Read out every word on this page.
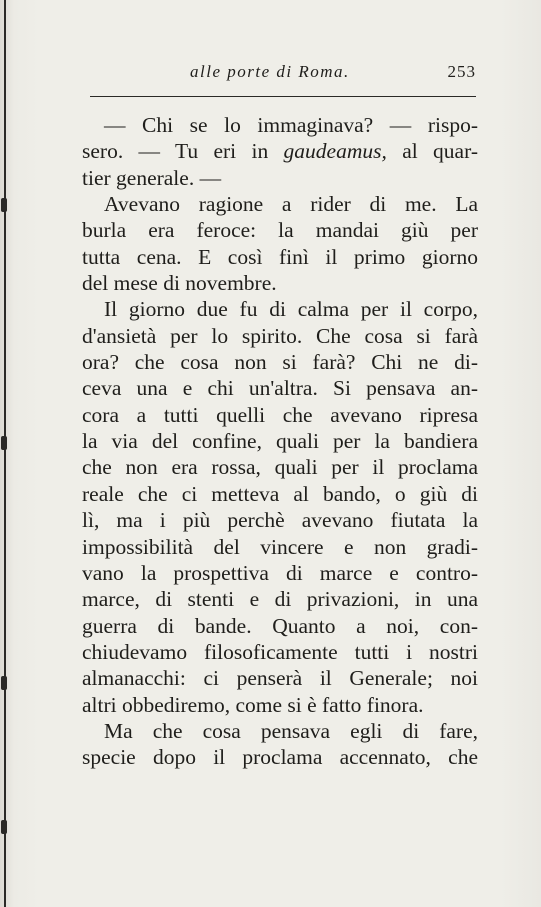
alle porte di Roma.	253
— Chi se lo immaginava? — rispo-
sero. — Tu eri in gaudeamus, al quar-
tier generale. —
Avevano ragione a rider di me. La
burla era feroce: la mandai giù per
tutta cena. E così finì il primo giorno
del mese di novembre.
Il giorno due fu di calma per il corpo,
d'ansietà per lo spirito. Che cosa si farà
ora? che cosa non si farà? Chi ne di-
ceva una e chi un'altra. Si pensava an-
cora a tutti quelli che avevano ripresa
la via del confine, quali per la bandiera
che non era rossa, quali per il proclama
reale che ci metteva al bando, o giù di
lì, ma i più perchè avevano fiutata la
impossibilità del vincere e non gradi-
vano la prospettiva di marce e contro-
marce, di stenti e di privazioni, in una
guerra di bande. Quanto a noi, con-
chiudevamo filosoficamente tutti i nostri
almanacchi: ci penserà il Generale; noi
altri obbediremo, come si è fatto finora.
Ma che cosa pensava egli di fare,
specie dopo il proclama accennato, che
